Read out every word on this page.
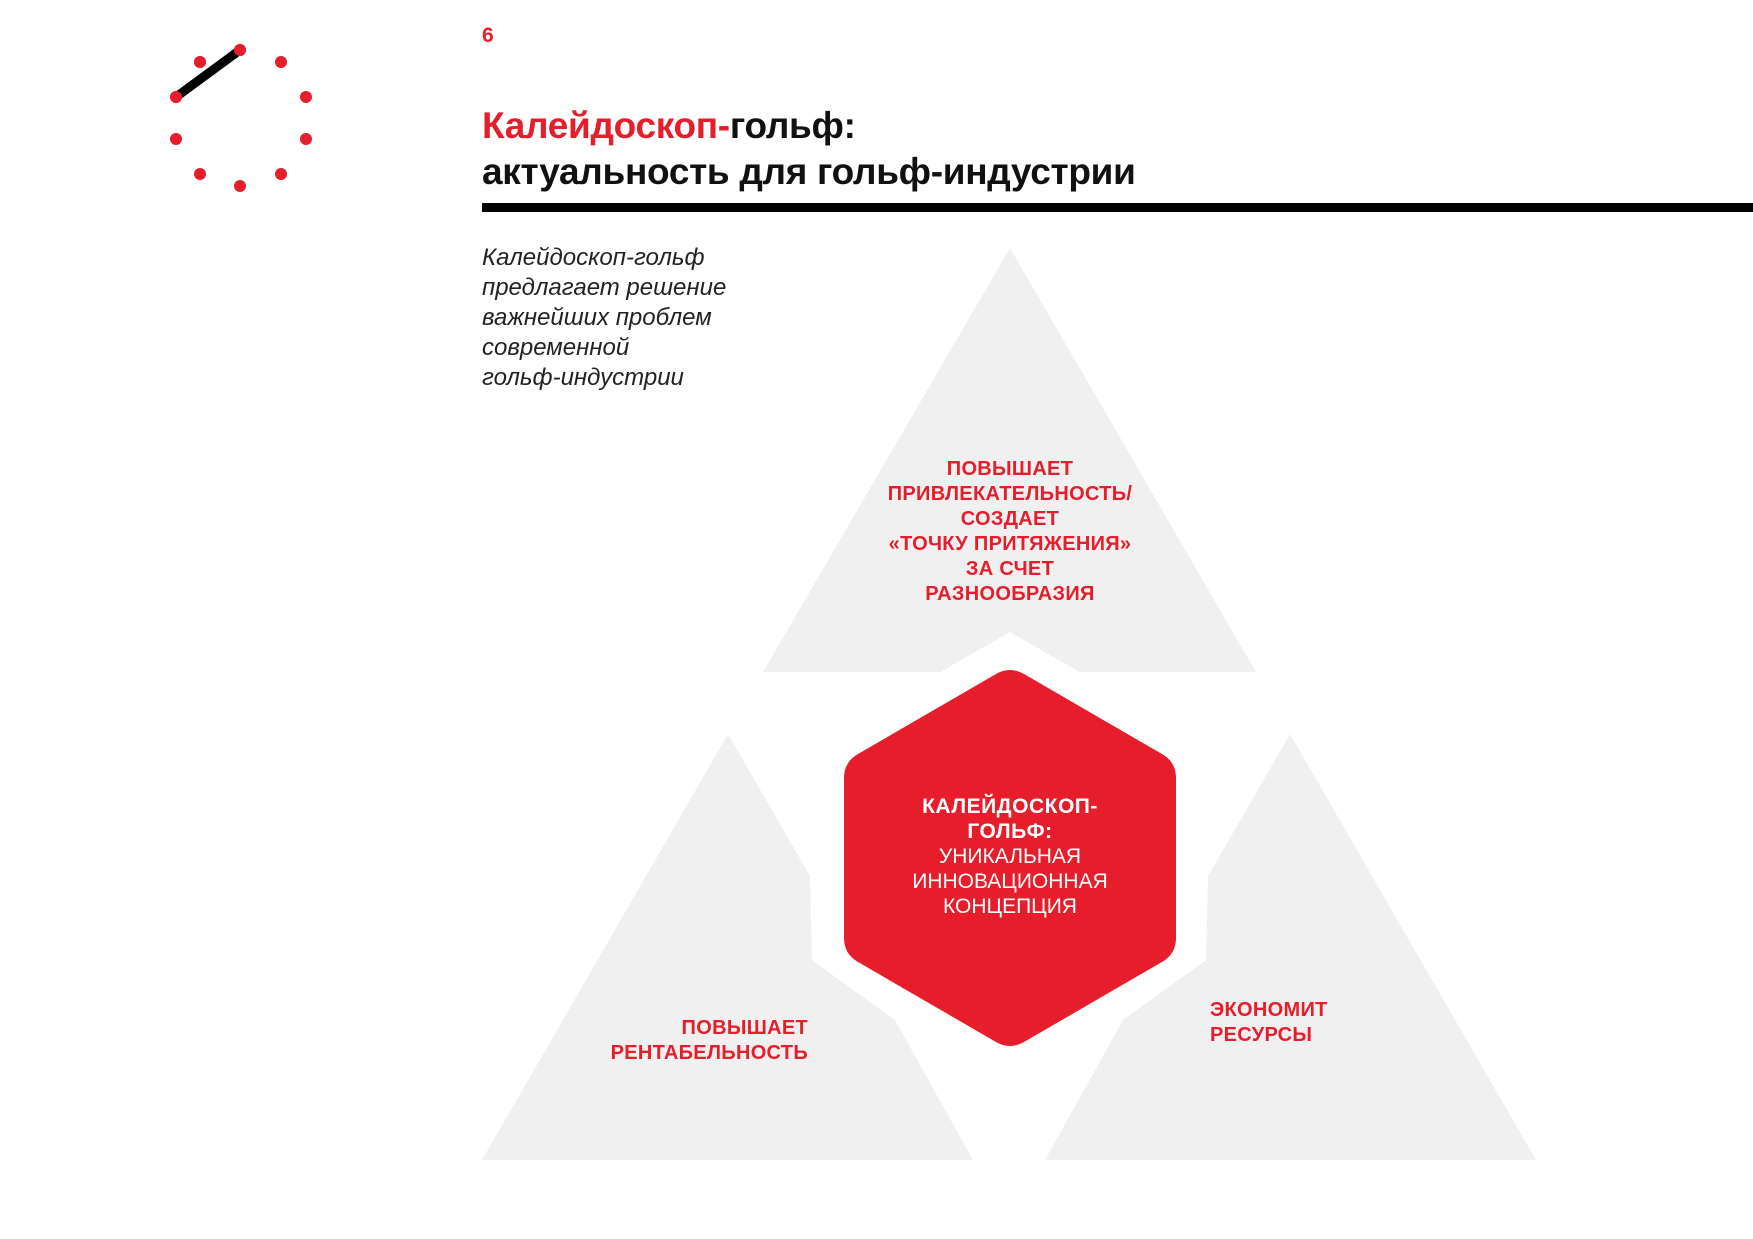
6
Калейдоскоп-гольф:
актуальность для гольф-индустрии

Калейдоскоп-гольф
предлагает решение
важнейших проблем
современной
гольф-индустрии

ПОВЫШАЕТ
ПРИВЛЕКАТЕЛЬНОСТЬ/
СОЗДАЕТ
«ТОЧКУ ПРИТЯЖЕНИЯ»
ЗА СЧЕТ
РАЗНООБРАЗИЯ
ПОВЫШАЕТ
РЕНТАБЕЛЬНОСТЬ
ЭКОНОМИТ
РЕСУРСЫ
КАЛЕЙДОСКОП-
ГОЛЬФ:
УНИКАЛЬНАЯ
ИННОВАЦИОННАЯ
КОНЦЕПЦИЯ
